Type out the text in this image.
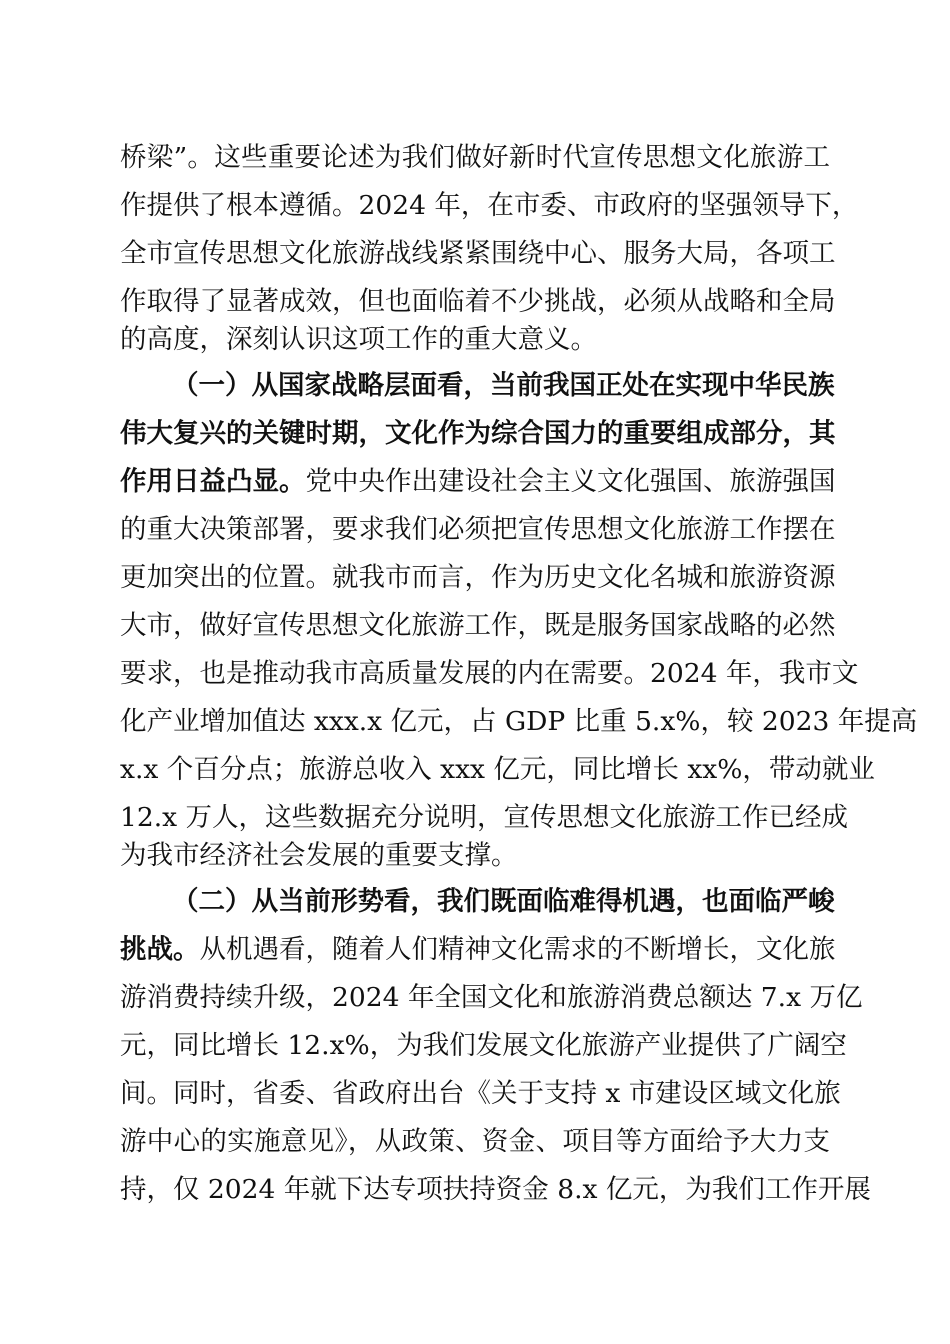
桥梁”。这些重要论述为我们做好新时代宣传思想文化旅游工
作提供了根本遵循。2024 年，在市委、市政府的坚强领导下，
全市宣传思想文化旅游战线紧紧围绕中心、服务大局，各项工
作取得了显著成效，但也面临着不少挑战，必须从战略和全局
的高度，深刻认识这项工作的重大意义。
（一）从国家战略层面看，当前我国正处在实现中华民族
伟大复兴的关键时期，文化作为综合国力的重要组成部分，其
作用日益凸显。党中央作出建设社会主义文化强国、旅游强国
的重大决策部署，要求我们必须把宣传思想文化旅游工作摆在
更加突出的位置。就我市而言，作为历史文化名城和旅游资源
大市，做好宣传思想文化旅游工作，既是服务国家战略的必然
要求，也是推动我市高质量发展的内在需要。2024 年，我市文
化产业增加值达 xxx.x 亿元，占 GDP 比重 5.x%，较 2023 年提高
x.x 个百分点；旅游总收入 xxx 亿元，同比增长 xx%，带动就业
12.x 万人，这些数据充分说明，宣传思想文化旅游工作已经成
为我市经济社会发展的重要支撑。
（二）从当前形势看，我们既面临难得机遇，也面临严峻
挑战。从机遇看，随着人们精神文化需求的不断增长，文化旅
游消费持续升级，2024 年全国文化和旅游消费总额达 7.x 万亿
元，同比增长 12.x%，为我们发展文化旅游产业提供了广阔空
间。同时，省委、省政府出台《关于支持 x 市建设区域文化旅
游中心的实施意见》，从政策、资金、项目等方面给予大力支
持，仅 2024 年就下达专项扶持资金 8.x 亿元，为我们工作开展
